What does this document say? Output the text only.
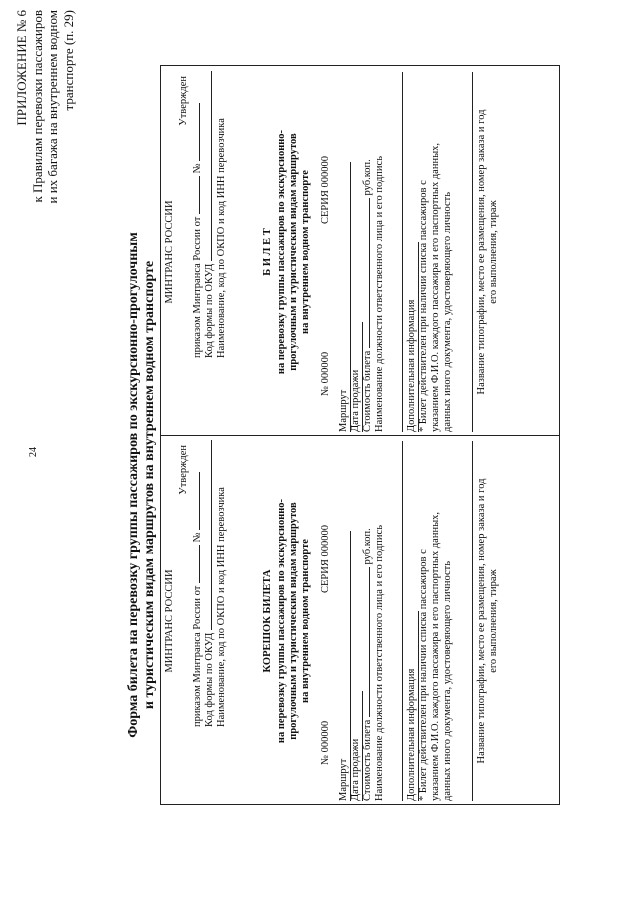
24
ПРИЛОЖЕНИЕ № 6 к Правилам перевозки пассажиров и их багажа на внутреннем водном транспорте (п. 29)
Форма билета на перевозку группы пассажиров по экскурсионно-прогулочным и туристическим видам маршрутов на внутреннем водном транспорте МИНТРАНС РОССИИ
Утвержден
приказом Минтранса России от  №
Код формы по ОКУД Наименование, код по ОКПО и код ИНН перевозчика	КОРЕШОК БИЛЕТА на перевозку группы пассажиров по экскурсионно- прогулочным и туристическим видам маршрутов на внутреннем водном транспорте
№ 000000
СЕРИЯ 000000
Маршрут Дата продажи Стоимость билета  руб.коп. Наименование должности ответственного лица и его подпись Дополнительная информация * Билет действителен при наличии списка пассажиров с указанием Ф.И.О. каждого пассажира и его паспортных данных, данных иного документа, удостоверяющего личность Название типографии, место ее размещения, номер заказа и год его выполнения, тираж
МИНТРАНС РОССИИ
Утвержден
приказом Минтранса России от  №
Код формы по ОКУД Наименование, код по ОКПО и код ИНН перевозчика	Б И Л Е Т на перевозку группы пассажиров по экскурсионно- прогулочным и туристическим видам маршрутов на внутреннем водном транспорте
№ 000000
СЕРИЯ 000000
Маршрут Дата продажи Стоимость билета  руб.коп. Наименование должности ответственного лица и его подпись Дополнительная информация * Билет действителен при наличии списка пассажиров с указанием Ф.И.О. каждого пассажира и его паспортных данных, данных иного документа, удостоверяющего личность Название типографии, место ее размещения, номер заказа и год его выполнения, тираж
